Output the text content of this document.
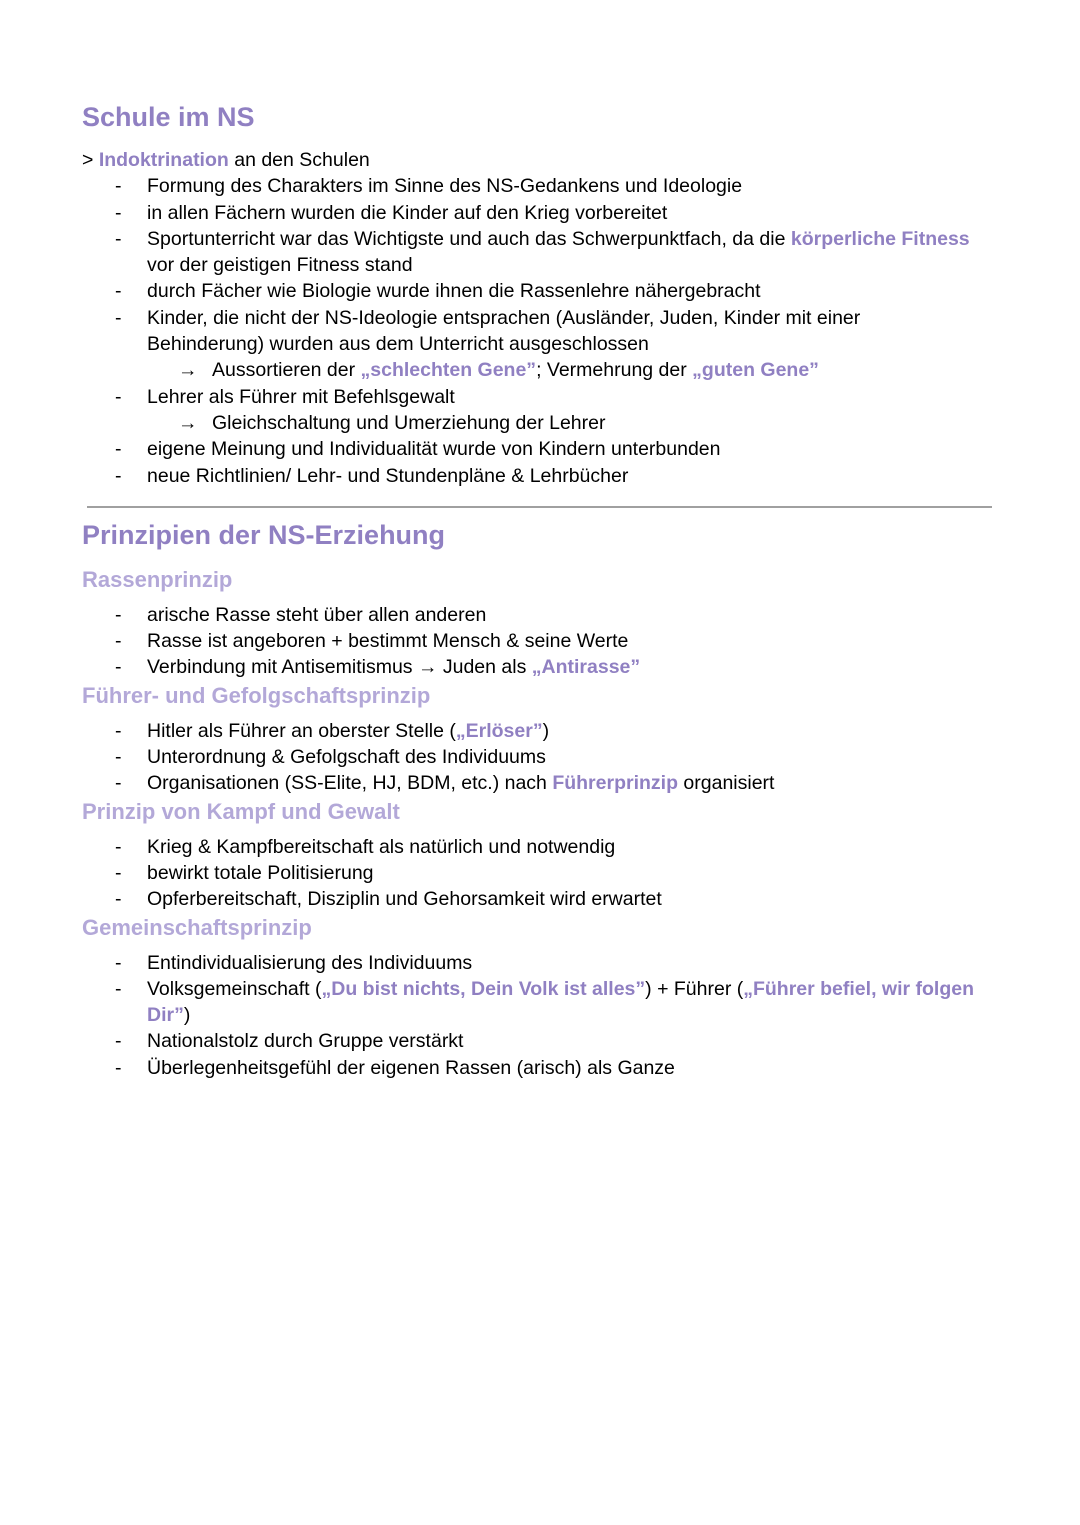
Schule im NS
> Indoktrination an den Schulen
- Formung des Charakters im Sinne des NS-Gedankens und Ideologie
- in allen Fächern wurden die Kinder auf den Krieg vorbereitet
- Sportunterricht war das Wichtigste und auch das Schwerpunktfach, da die körperliche Fitness vor der geistigen Fitness stand
- durch Fächer wie Biologie wurde ihnen die Rassenlehre nähergebracht
- Kinder, die nicht der NS-Ideologie entsprachen (Ausländer, Juden, Kinder mit einer Behinderung) wurden aus dem Unterricht ausgeschlossen
→ Aussortieren der „schlechten Gene”; Vermehrung der „guten Gene”
- Lehrer als Führer mit Befehlsgewalt
→ Gleichschaltung und Umerziehung der Lehrer
- eigene Meinung und Individualität wurde von Kindern unterbunden
- neue Richtlinien/ Lehr- und Stundenpläne & Lehrbücher
Prinzipien der NS-Erziehung
Rassenprinzip
- arische Rasse steht über allen anderen
- Rasse ist angeboren + bestimmt Mensch & seine Werte
- Verbindung mit Antisemitismus → Juden als „Antirasse”
Führer- und Gefolgschaftsprinzip
- Hitler als Führer an oberster Stelle („Erlöser”)
- Unterordnung & Gefolgschaft des Individuums
- Organisationen (SS-Elite, HJ, BDM, etc.) nach Führerprinzip organisiert
Prinzip von Kampf und Gewalt
- Krieg & Kampfbereitschaft als natürlich und notwendig
- bewirkt totale Politisierung
- Opferbereitschaft, Disziplin und Gehorsamkeit wird erwartet
Gemeinschaftsprinzip
- Entindividualisierung des Individuums
- Volksgemeinschaft („Du bist nichts, Dein Volk ist alles”) + Führer („Führer befiel, wir folgen Dir”)
- Nationalstolz durch Gruppe verstärkt
- Überlegenheitsgefühl der eigenen Rassen (arisch) als Ganze
